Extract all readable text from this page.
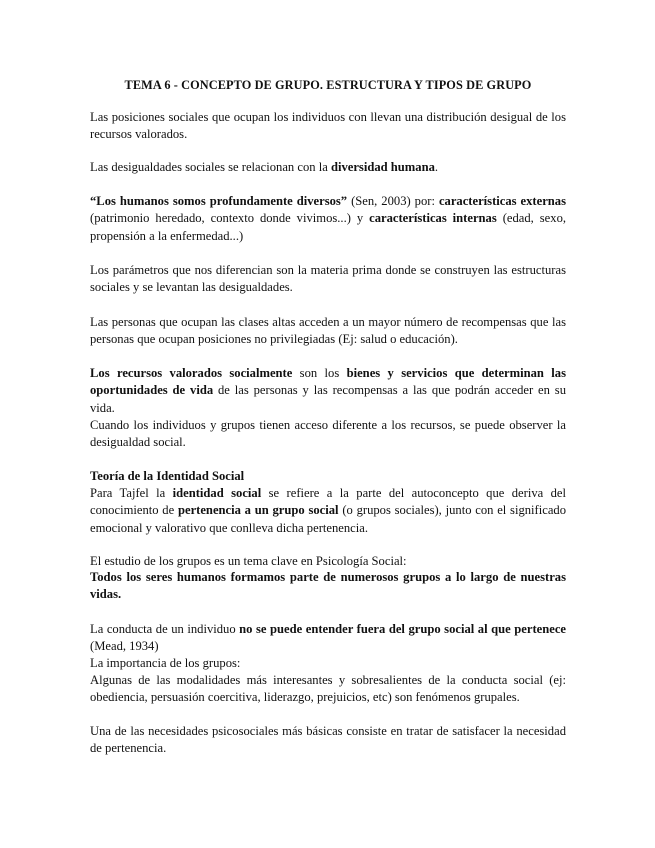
TEMA 6 - CONCEPTO DE GRUPO. ESTRUCTURA Y TIPOS DE GRUPO
Las posiciones sociales que ocupan los individuos con llevan una distribución desigual de los recursos valorados.
Las desigualdades sociales se relacionan con la diversidad humana.
“Los humanos somos profundamente diversos” (Sen, 2003) por: características externas (patrimonio heredado, contexto donde vivimos...) y características internas (edad, sexo, propensión a la enfermedad...)
Los parámetros que nos diferencian son la materia prima donde se construyen las estructuras sociales y se levantan las desigualdades.
Las personas que ocupan las clases altas acceden a un mayor número de recompensas que las personas que ocupan posiciones no privilegiadas (Ej: salud o educación).
Los recursos valorados socialmente son los bienes y servicios que determinan las oportunidades de vida de las personas y las recompensas a las que podrán acceder en su vida.
Cuando los individuos y grupos tienen acceso diferente a los recursos, se puede observer la desigualdad social.
Teoría de la Identidad Social
Para Tajfel la identidad social se refiere a la parte del autoconcepto que deriva del conocimiento de pertenencia a un grupo social (o grupos sociales), junto con el significado emocional y valorativo que conlleva dicha pertenencia.
El estudio de los grupos es un tema clave en Psicología Social:
Todos los seres humanos formamos parte de numerosos grupos a lo largo de nuestras vidas.
La conducta de un individuo no se puede entender fuera del grupo social al que pertenece (Mead, 1934)
La importancia de los grupos:
Algunas de las modalidades más interesantes y sobresalientes de la conducta social (ej: obediencia, persuasión coercitiva, liderazgo, prejuicios, etc) son fenómenos grupales.
Una de las necesidades psicosociales más básicas consiste en tratar de satisfacer la necesidad de pertenencia.
